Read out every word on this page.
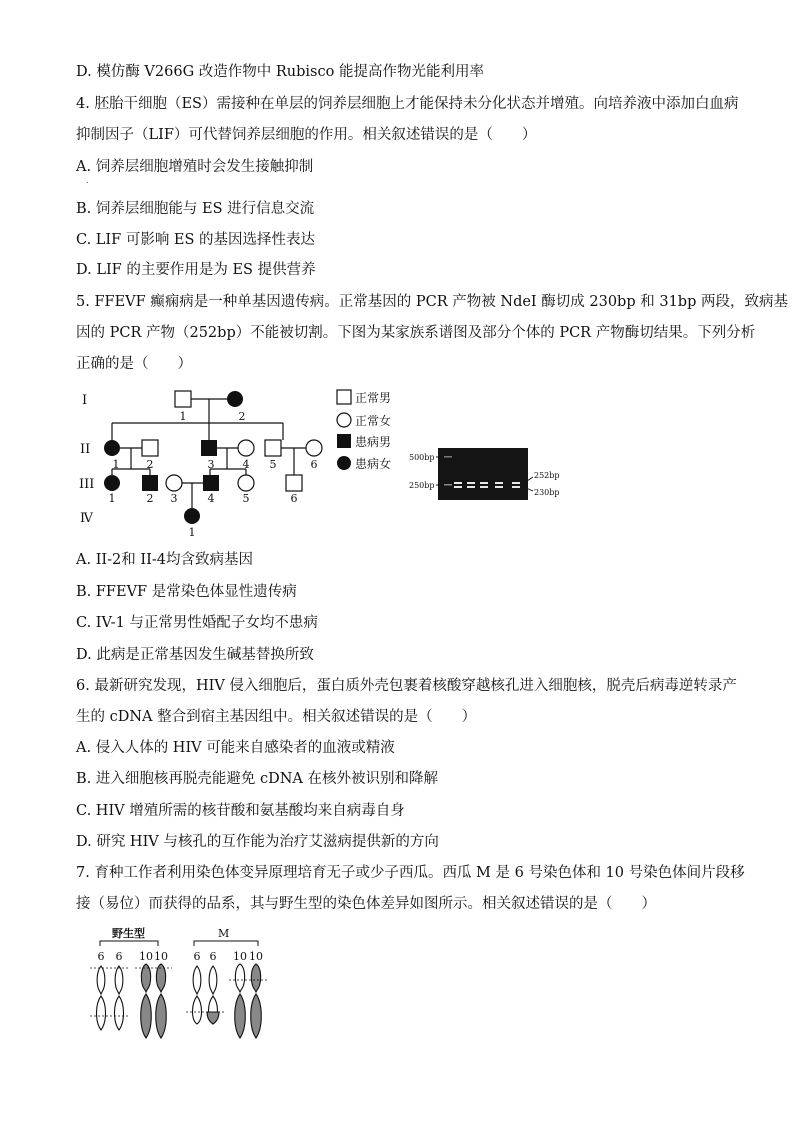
D. 模仿酶 V266G 改造作物中 Rubisco 能提高作物光能利用率
4. 胚胎干细胞（ES）需接种在单层的饲养层细胞上才能保持未分化状态并增殖。向培养液中添加白血病
抑制因子（LIF）可代替饲养层细胞的作用。相关叙述错误的是（　　）
A. 饲养层细胞增殖时会发生接触抑制
.
B. 饲养层细胞能与 ES 进行信息交流
C. LIF 可影响 ES 的基因选择性表达
D. LIF 的主要作用是为 ES 提供营养
5. FFEVF 癫痫病是一种单基因遗传病。正常基因的 PCR 产物被 NdeI 酶切成 230bp 和 31bp 两段，致病基
因的 PCR 产物（252bp）不能被切割。下图为某家族系谱图及部分个体的 PCR 产物酶切结果。下列分析
正确的是（　　）
I
II
III
Ⅳ
1	2
1 2	3	4 5	6
1	2 3	4	5	6
1
正常男
正常女
患病男
患病女 500bp
250bp
252bp
230bp
A. II-2和 II-4均含致病基因
B. FFEVF 是常染色体显性遗传病
C. IV-1 与正常男性婚配子女均不患病
D. 此病是正常基因发生碱基替换所致
6. 最新研究发现，HIV 侵入细胞后，蛋白质外壳包裹着核酸穿越核孔进入细胞核，脱壳后病毒逆转录产
生的 cDNA 整合到宿主基因组中。相关叙述错误的是（　　）
A. 侵入人体的 HIV 可能来自感染者的血液或精液
B. 进入细胞核再脱壳能避免 cDNA 在核外被识别和降解
C. HIV 增殖所需的核苷酸和氨基酸均来自病毒自身
D. 研究 HIV 与核孔的互作能为治疗艾滋病提供新的方向
7. 育种工作者利用染色体变异原理培育无子或少子西瓜。西瓜 M 是 6 号染色体和 10 号染色体间片段移
接（易位）而获得的品系，其与野生型的染色体差异如图所示。相关叙述错误的是（　　）
野生型	M
6 6 10 10 6 6 10 10
